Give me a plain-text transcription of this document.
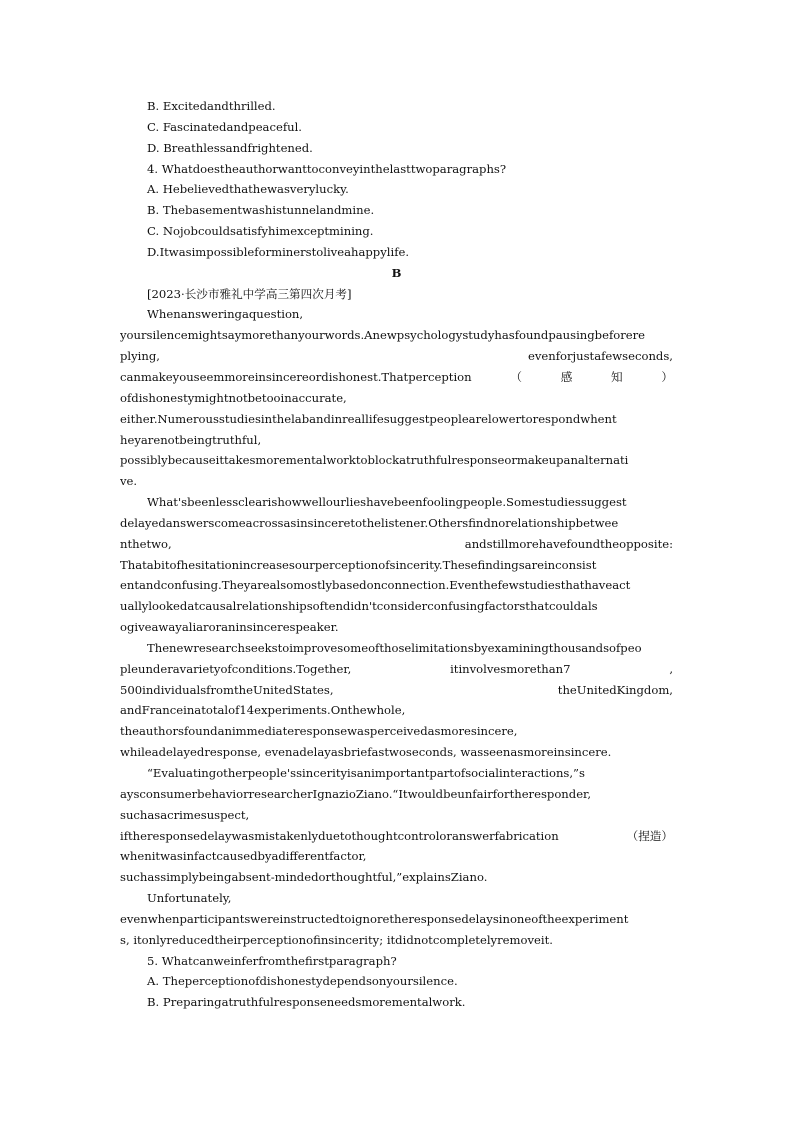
B. Excitedandthrilled.
C. Fascinatedandpeaceful.
D. Breathlessandfrightened.
4. Whatdoestheauthorwanttoconveyinthelasttwoparagraphs?
A. Hebelievedthathewasverylucky.
B. Thebasementwashistunnelandmine.
C. Nojobcouldsatisfyhimexceptmining.
D.Itwasimpossibleforminerstoliveahappylife.
B
[2023·长沙市雅礼中学高三第四次月考]
Whenansweringaquestion,
yoursilencemightsaymorethanyourwords.Anewpsychologystudyhasfoundpausingbeforere
plying,	evenforjustafewseconds,
canmakeyouseemmoreinsincereordishonest.Thatperception	（	感	知	）
ofdishonestymightnotbetooinaccurate,
either.Numerousstudiesinthelabandinreallifesuggestpeoplearelowertorespondwhent
heyarenotbeingtruthful,
possiblybecauseittakesmorementalworktoblockatruthfulresponseormakeupanalternati
ve.
What'sbeenlessclearishowwellourlieshavebeenfoolingpeople.Somestudiessuggest
delayedanswerscomeacrossasinsinceretothelistener.Othersfindnorelationshipbetwee
nthetwo,	andstillmorehavefoundtheopposite:
Thatabitofhesitationincreasesourperceptionofsincerity.Thesefindingsareinconsist
entandconfusing.Theyarealsomostlybasedonconnection.Eventhefewstudiesthathaveact
uallylookedatcausalrelationshipsoftendidn'tconsiderconfusingfactorsthatcouldals
ogiveawayaliaroraninsincerespeaker.
Thenewresearchseekstoimprovesomeofthoselimitationsbyexaminingthousandsofpeo
pleunderavarietyofconditions.Together,	itinvolvesmorethan7	,
500individualsfromtheUnitedStates,	theUnitedKingdom,
andFranceinatotalof14experiments.Onthewhole,
theauthorsfoundanimmediateresponsewasperceivedasmoresincere,
whileadelayedresponse, evenadelayasbriefastwoseconds, wasseenasmoreinsincere.
“Evaluatingotherpeople'ssincerityisanimportantpartofsocialinteractions,”s
aysconsumerbehaviorresearcherIgnazioZiano.“Itwouldbeunfairfortheresponder,
suchasacrimesuspect,
iftheresponsedelaywasmistakenlyduetothoughtcontroloranswerfabrication	（捏造）
whenitwasinfactcausedbyadifferentfactor,
suchassimplybeingabsent-mindedorthoughtful,”explainsZiano.
Unfortunately,
evenwhenparticipantswereinstructedtoignoretheresponsedelaysinoneoftheexperiment
s, itonlyreducedtheirperceptionofinsincerity; itdidnotcompletelyremoveit.
5. Whatcanweinferfromthefirstparagraph?
A. Theperceptionofdishonestydependsonyoursilence.
B. Preparingatruthfulresponseneedsmorementalwork.
